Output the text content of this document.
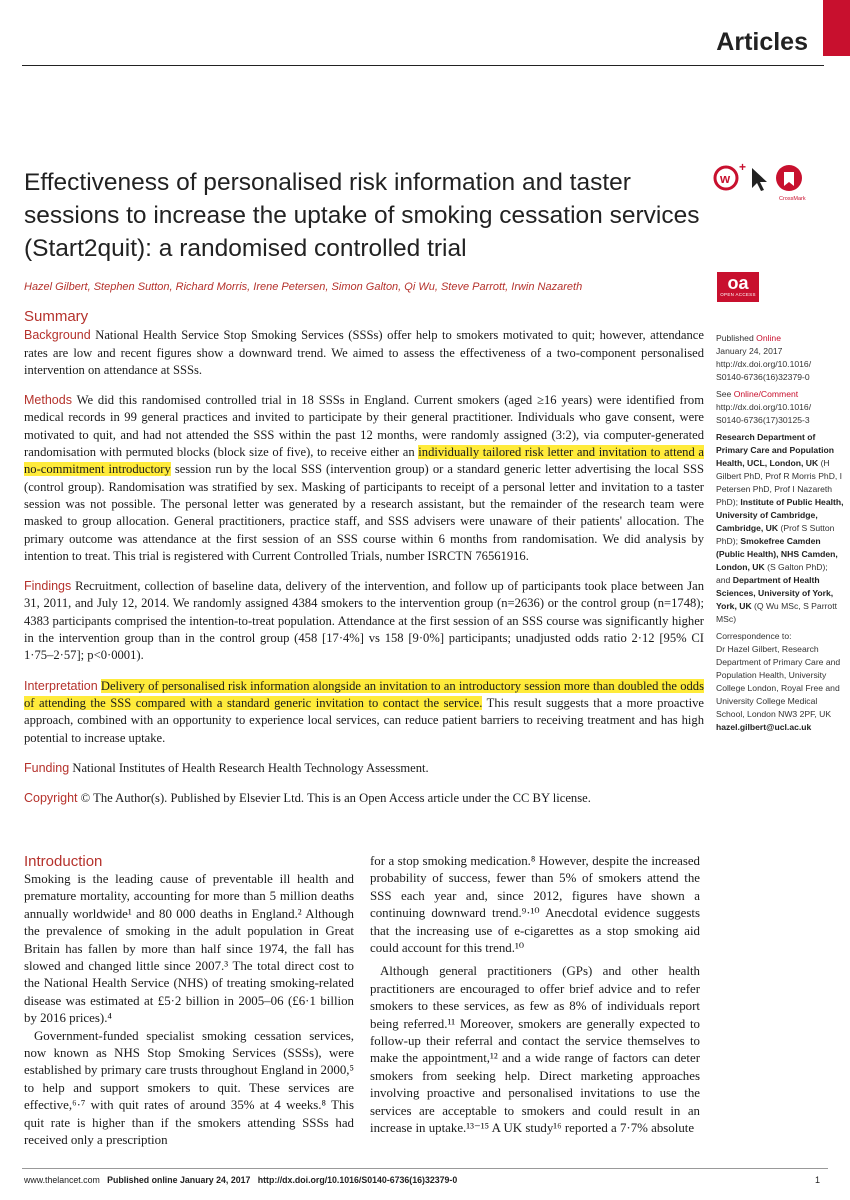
Articles
Effectiveness of personalised risk information and taster sessions to increase the uptake of smoking cessation services (Start2quit): a randomised controlled trial
Hazel Gilbert, Stephen Sutton, Richard Morris, Irene Petersen, Simon Galton, Qi Wu, Steve Parrott, Irwin Nazareth
w
+
CrossMark
oa
OPEN ACCESS
Summary

Background National Health Service Stop Smoking Services (SSSs) offer help to smokers motivated to quit; however, attendance rates are low and recent figures show a downward trend. We aimed to assess the effectiveness of a two-component personalised intervention on attendance at SSSs.

Methods We did this randomised controlled trial in 18 SSSs in England. Current smokers (aged ≥16 years) were identified from medical records in 99 general practices and invited to participate by their general practitioner. Individuals who gave consent, were motivated to quit, and had not attended the SSS within the past 12 months, were randomly assigned (3:2), via computer-generated randomisation with permuted blocks (block size of five), to receive either an individually tailored risk letter and invitation to attend a no-commitment introductory session run by the local SSS (intervention group) or a standard generic letter advertising the local SSS (control group). Randomisation was stratified by sex. Masking of participants to receipt of a personal letter and invitation to a taster session was not possible. The personal letter was generated by a research assistant, but the remainder of the research team were masked to group allocation. General practitioners, practice staff, and SSS advisers were unaware of their patients' allocation. The primary outcome was attendance at the first session of an SSS course within 6 months from randomisation. We did analysis by intention to treat. This trial is registered with Current Controlled Trials, number ISRCTN 76561916.

Findings Recruitment, collection of baseline data, delivery of the intervention, and follow up of participants took place between Jan 31, 2011, and July 12, 2014. We randomly assigned 4384 smokers to the intervention group (n=2636) or the control group (n=1748); 4383 participants comprised the intention-to-treat population. Attendance at the first session of an SSS course was significantly higher in the intervention group than in the control group (458 [17·4%] vs 158 [9·0%] participants; unadjusted odds ratio 2·12 [95% CI 1·75–2·57]; p<0·0001).

Interpretation Delivery of personalised risk information alongside an invitation to an introductory session more than doubled the odds of attending the SSS compared with a standard generic invitation to contact the service. This result suggests that a more proactive approach, combined with an opportunity to experience local services, can reduce patient barriers to receiving treatment and has high potential to increase uptake.

Funding National Institutes of Health Research Health Technology Assessment.

Copyright © The Author(s). Published by Elsevier Ltd. This is an Open Access article under the CC BY license.

Published Online
January 24, 2017
http://dx.doi.org/10.1016/
S0140-6736(16)32379-0
See Online/Comment
http://dx.doi.org/10.1016/
S0140-6736(17)30125-3
Research Department of Primary Care and Population Health, UCL, London, UK (H Gilbert PhD, Prof R Morris PhD, I Petersen PhD, Prof I Nazareth PhD); Institute of Public Health, University of Cambridge, Cambridge, UK (Prof S Sutton PhD); Smokefree Camden (Public Health), NHS Camden, London, UK (S Galton PhD); and Department of Health Sciences, University of York, York, UK (Q Wu MSc, S Parrott MSc)
Correspondence to:
Dr Hazel Gilbert, Research Department of Primary Care and Population Health, University College London, Royal Free and University College Medical School, London NW3 2PF, UK
hazel.gilbert@ucl.ac.uk
Introduction

Smoking is the leading cause of preventable ill health and premature mortality, accounting for more than 5 million deaths annually worldwide¹ and 80 000 deaths in England.² Although the prevalence of smoking in the adult population in Great Britain has fallen by more than half since 1974, the fall has slowed and changed little since 2007.³ The total direct cost to the National Health Service (NHS) of treating smoking-related disease was estimated at £5·2 billion in 2005–06 (£6·1 billion by 2016 prices).⁴

Government-funded specialist smoking cessation services, now known as NHS Stop Smoking Services (SSSs), were established by primary care trusts throughout England in 2000,⁵ to help and support smokers to quit. These services are effective,⁶·⁷ with quit rates of around 35% at 4 weeks.⁸ This quit rate is higher than if the smokers attending SSSs had received only a prescription

for a stop smoking medication.⁸ However, despite the increased probability of success, fewer than 5% of smokers attend the SSS each year and, since 2012, figures have shown a continuing downward trend.⁹·¹⁰ Anecdotal evidence suggests that the increasing use of e-cigarettes as a stop smoking aid could account for this trend.¹⁰

Although general practitioners (GPs) and other health practitioners are encouraged to offer brief advice and to refer smokers to these services, as few as 8% of individuals report being referred.¹¹ Moreover, smokers are generally expected to follow-up their referral and contact the service themselves to make the appointment,¹² and a wide range of factors can deter smokers from seeking help. Direct marketing approaches involving proactive and personalised invitations to use the services are acceptable to smokers and could result in an increase in uptake.¹³⁻¹⁵ A UK study¹⁶ reported a 7·7% absolute

www.thelancet.com Published online January 24, 2017 http://dx.doi.org/10.1016/S0140-6736(16)32379-0	1
